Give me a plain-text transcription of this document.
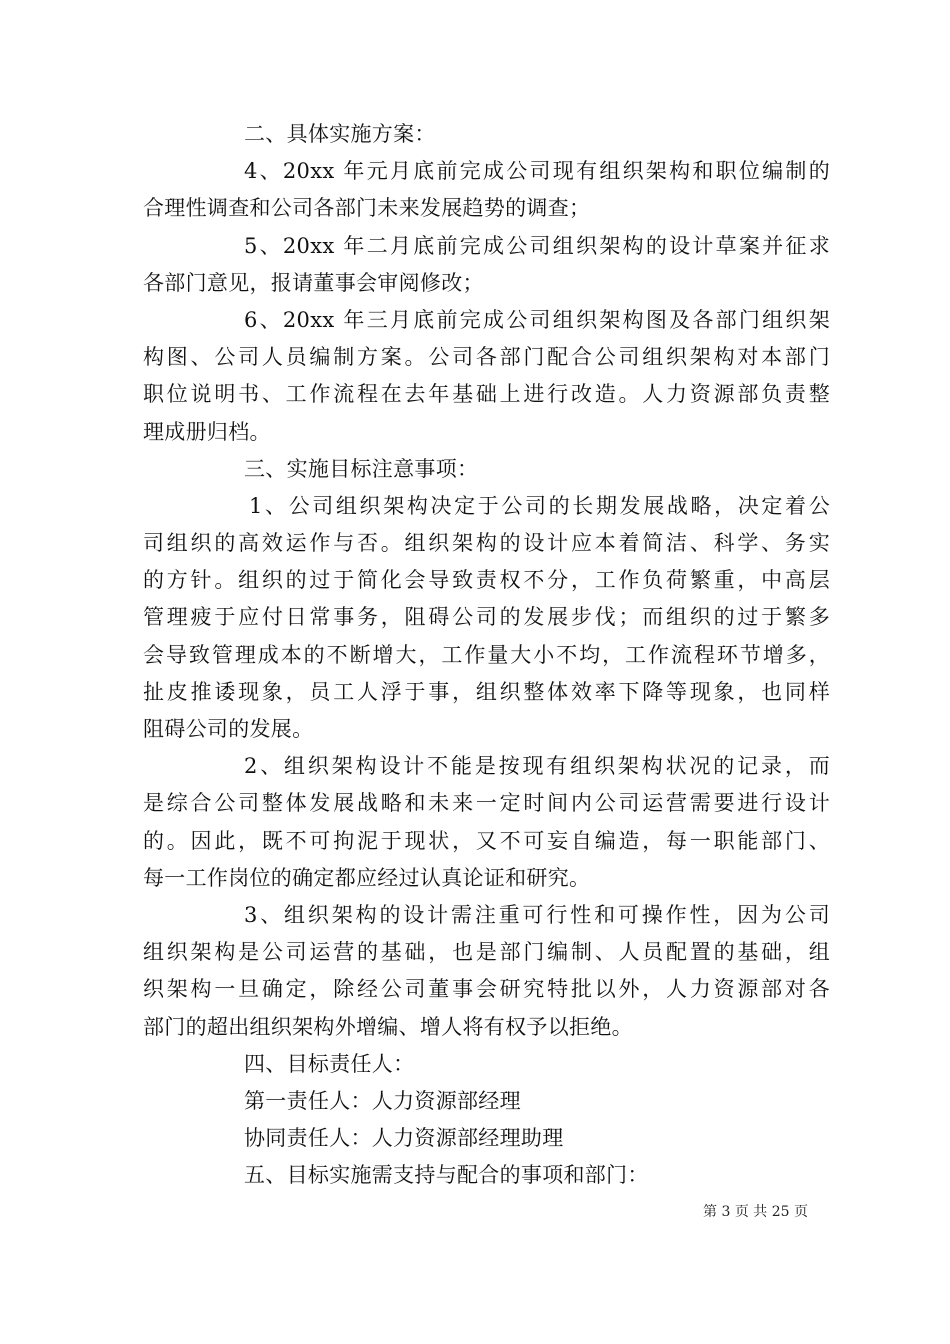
二、具体实施方案：
4、20xx 年元月底前完成公司现有组织架构和职位编制的
合理性调查和公司各部门未来发展趋势的调查；
5、20xx 年二月底前完成公司组织架构的设计草案并征求
各部门意见，报请董事会审阅修改；
6、20xx 年三月底前完成公司组织架构图及各部门组织架
构图、公司人员编制方案。公司各部门配合公司组织架构对本部门
职位说明书、工作流程在去年基础上进行改造。人力资源部负责整
理成册归档。
三、实施目标注意事项：
1、公司组织架构决定于公司的长期发展战略，决定着公
司组织的高效运作与否。组织架构的设计应本着简洁、科学、务实
的方针。组织的过于简化会导致责权不分，工作负荷繁重，中高层
管理疲于应付日常事务，阻碍公司的发展步伐；而组织的过于繁多
会导致管理成本的不断增大，工作量大小不均，工作流程环节增多，
扯皮推诿现象，员工人浮于事，组织整体效率下降等现象，也同样
阻碍公司的发展。
2、组织架构设计不能是按现有组织架构状况的记录，而
是综合公司整体发展战略和未来一定时间内公司运营需要进行设计
的。因此，既不可拘泥于现状，又不可妄自编造，每一职能部门、
每一工作岗位的确定都应经过认真论证和研究。
3、组织架构的设计需注重可行性和可操作性，因为公司
组织架构是公司运营的基础，也是部门编制、人员配置的基础，组
织架构一旦确定，除经公司董事会研究特批以外，人力资源部对各
部门的超出组织架构外增编、增人将有权予以拒绝。
四、目标责任人：
第一责任人：人力资源部经理
协同责任人：人力资源部经理助理
五、目标实施需支持与配合的事项和部门：
第 3 页 共 25 页
